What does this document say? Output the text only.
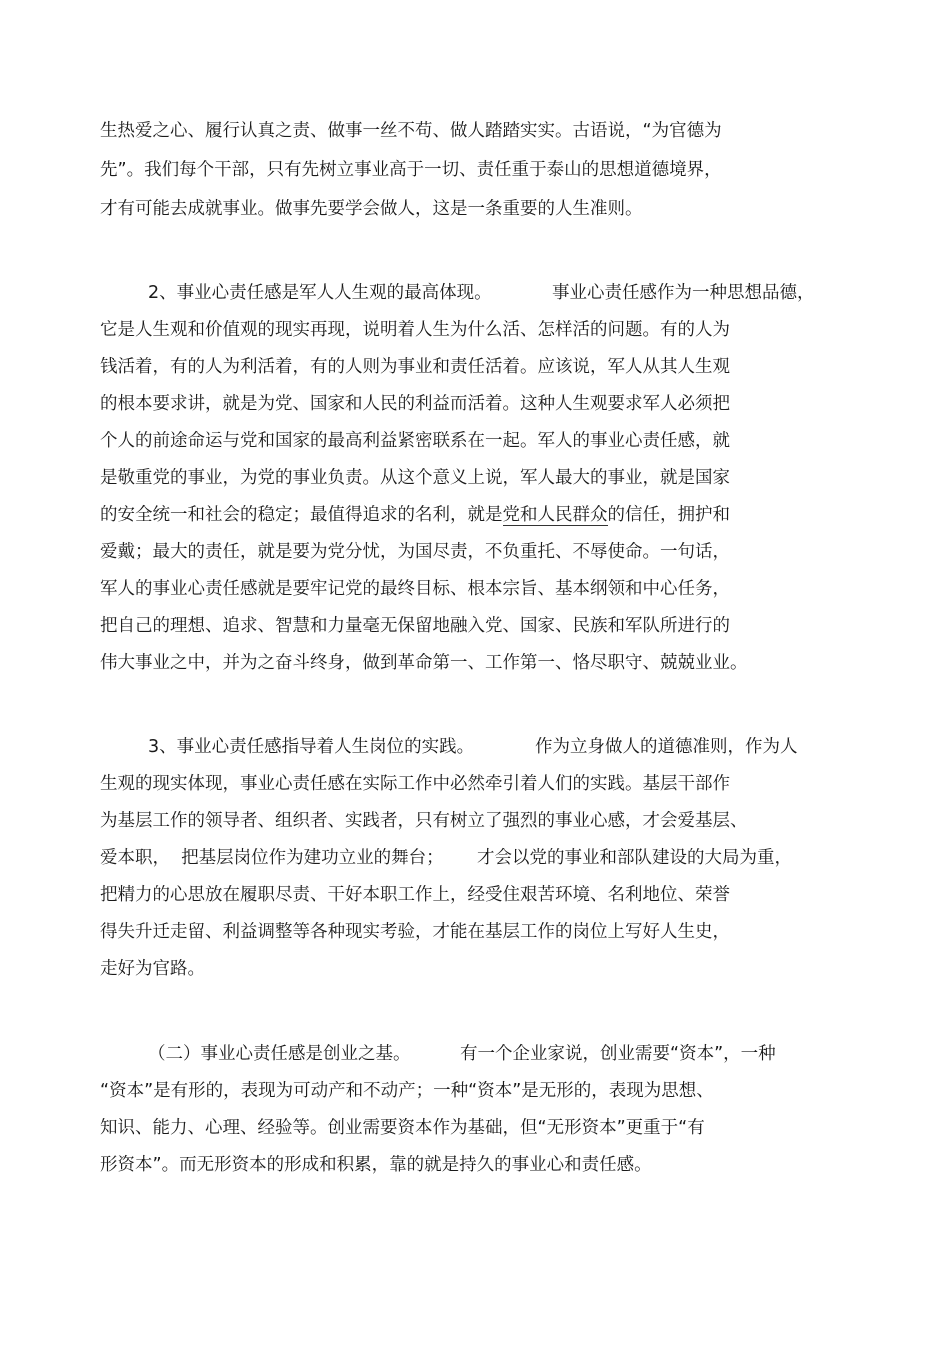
生热爱之心、履行认真之责、做事一丝不苟、做人踏踏实实。古语说，“为官德为
先”。我们每个干部，只有先树立事业高于一切、责任重于泰山的思想道德境界，
才有可能去成就事业。做事先要学会做人，这是一条重要的人生准则。
2、事业心责任感是军人人生观的最高体现。	事业心责任感作为一种思想品德，
它是人生观和价值观的现实再现，说明着人生为什么活、怎样活的问题。有的人为
钱活着，有的人为利活着，有的人则为事业和责任活着。应该说，军人从其人生观
的根本要求讲，就是为党、国家和人民的利益而活着。这种人生观要求军人必须把
个人的前途命运与党和国家的最高利益紧密联系在一起。军人的事业心责任感，就
是敬重党的事业，为党的事业负责。从这个意义上说，军人最大的事业，就是国家
的安全统一和社会的稳定；最值得追求的名利，就是党和人民群众的信任，拥护和
爱戴；最大的责任，就是要为党分忧，为国尽责，不负重托、不辱使命。一句话，
军人的事业心责任感就是要牢记党的最终目标、根本宗旨、基本纲领和中心任务，
把自己的理想、追求、智慧和力量毫无保留地融入党、国家、民族和军队所进行的
伟大事业之中，并为之奋斗终身，做到革命第一、工作第一、恪尽职守、兢兢业业。
3、事业心责任感指导着人生岗位的实践。	作为立身做人的道德准则，作为人
生观的现实体现，事业心责任感在实际工作中必然牵引着人们的实践。基层干部作
为基层工作的领导者、组织者、实践者，只有树立了强烈的事业心感，才会爱基层、
爱本职，  把基层岗位作为建功立业的舞台；      才会以党的事业和部队建设的大局为重，
把精力的心思放在履职尽责、干好本职工作上，经受住艰苦环境、名利地位、荣誉
得失升迁走留、利益调整等各种现实考验，才能在基层工作的岗位上写好人生史，
走好为官路。
（二）事业心责任感是创业之基。	有一个企业家说，创业需要“资本”，一种
“资本”是有形的，表现为可动产和不动产；一种“资本”是无形的，表现为思想、
知识、能力、心理、经验等。创业需要资本作为基础，但“无形资本”更重于“有
形资本”。而无形资本的形成和积累，靠的就是持久的事业心和责任感。
